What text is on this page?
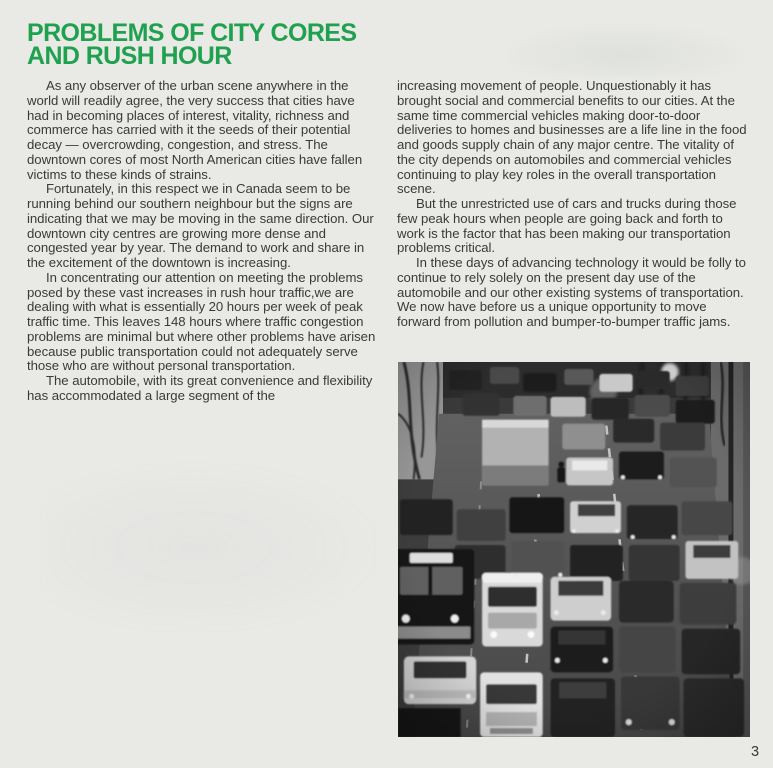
PROBLEMS OF CITY CORES
AND RUSH HOUR

As any observer of the urban scene anywhere in the world will readily agree, the very success that cities have had in becoming places of interest, vitality, richness and commerce has carried with it the seeds of their potential decay — overcrowding, congestion, and stress. The downtown cores of most North American cities have fallen victims to these kinds of strains.

Fortunately, in this respect we in Canada seem to be running behind our southern neighbour but the signs are indicating that we may be moving in the same direction. Our downtown city centres are growing more dense and congested year by year. The demand to work and share in the excitement of the downtown is increasing.

In concentrating our attention on meeting the problems posed by these vast increases in rush hour traffic,we are dealing with what is essentially 20 hours per week of peak traffic time. This leaves 148 hours where traffic congestion problems are minimal but where other problems have arisen because public transportation could not adequately serve those who are without personal transportation.

The automobile, with its great convenience and flexibility has accommodated a large segment of the

increasing movement of people. Unquestionably it has brought social and commercial benefits to our cities. At the same time commercial vehicles making door-to-door deliveries to homes and businesses are a life line in the food and goods supply chain of any major centre. The vitality of the city depends on automobiles and commercial vehicles continuing to play key roles in the overall transportation scene.

But the unrestricted use of cars and trucks during those few peak hours when people are going back and forth to work is the factor that has been making our transportation problems critical.

In these days of advancing technology it would be folly to continue to rely solely on the present day use of the automobile and our other existing systems of transportation. We now have before us a unique opportunity to move forward from pollution and bumper-to-bumper traffic jams.

3
